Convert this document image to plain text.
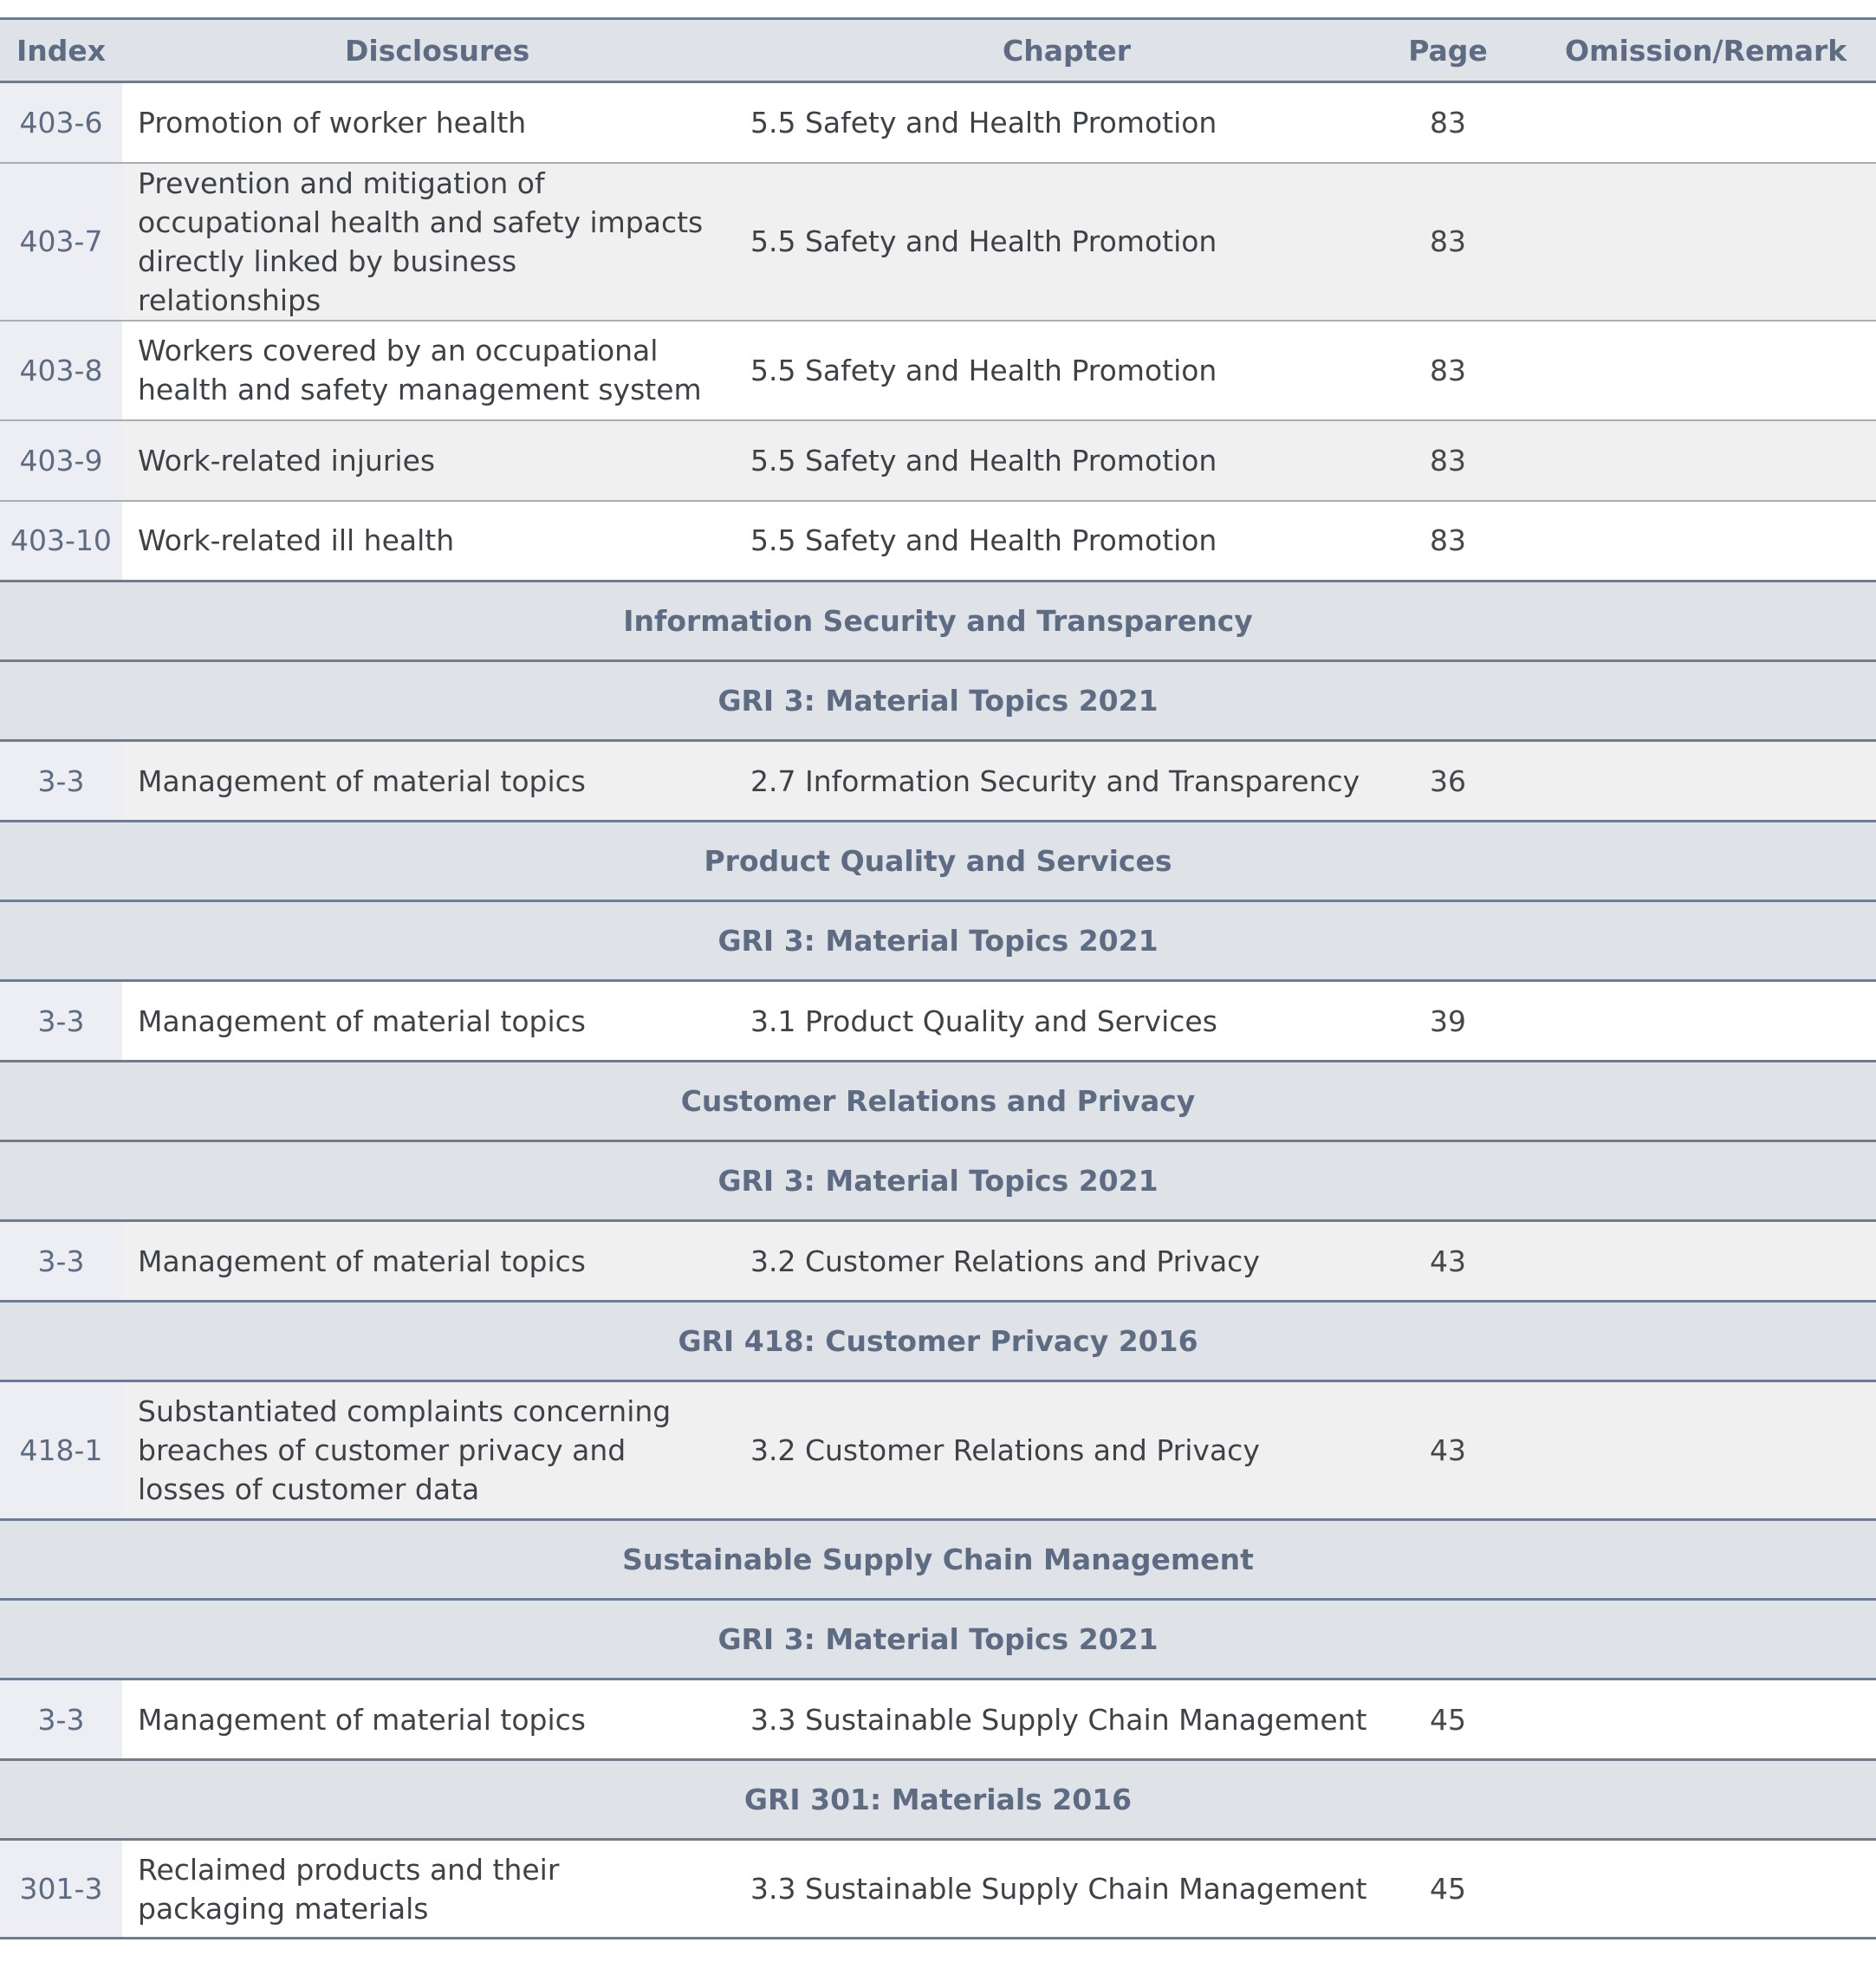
Index	Disclosures	Chapter	Page	Omission/Remark
403-6	Promotion of worker health	5.5 Safety and Health Promotion	83	
403-7	Prevention and mitigation of occupational health and safety impacts directly linked by business relationships	5.5 Safety and Health Promotion	83	
403-8	Workers covered by an occupational health and safety management system	5.5 Safety and Health Promotion	83	
403-9	Work-related injuries	5.5 Safety and Health Promotion	83	
403-10	Work-related ill health	5.5 Safety and Health Promotion	83	
Information Security and Transparency				
GRI 3: Material Topics 2021				
3-3	Management of material topics	2.7 Information Security and Transparency	36	
Product Quality and Services				
GRI 3: Material Topics 2021				
3-3	Management of material topics	3.1 Product Quality and Services	39	
Customer Relations and Privacy				
GRI 3: Material Topics 2021				
3-3	Management of material topics	3.2 Customer Relations and Privacy	43	
GRI 418: Customer Privacy 2016				
418-1	Substantiated complaints concerning breaches of customer privacy and losses of customer data	3.2 Customer Relations and Privacy	43	
Sustainable Supply Chain Management				
GRI 3: Material Topics 2021				
3-3	Management of material topics	3.3 Sustainable Supply Chain Management	45	
GRI 301: Materials 2016				
301-3	Reclaimed products and their packaging materials	3.3 Sustainable Supply Chain Management	45	
